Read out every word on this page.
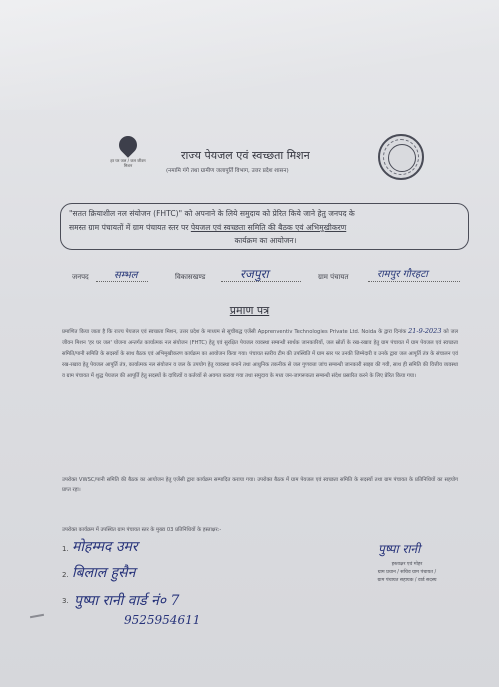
हर घर जल / जल जीवन मिशन
राज्य पेयजल एवं स्वच्छता मिशन
(नमामि गंगे तथा ग्रामीण जलापूर्ति विभाग, उत्तर प्रदेश शासन)
"सतत क्रियाशील नल संयोजन (FHTC)" को अपनाने के लिये समुदाय को प्रेरित किये जाने हेतु जनपद के
समस्त ग्राम पंचायतों में ग्राम पंचायत स्तर पर पेयजल एवं स्वच्छता समिति की बैठक एवं अभिमुखीकरण
कार्यक्रम का आयोजन।
जनपद	सम्भल	विकासखण्ड	रजपुरा	ग्राम पंचायत	रामपुर गौरहटा
प्रमाण पत्र
प्रमाणित किया जाता है कि राज्य पेयजल एवं स्वच्छता मिशन, उत्तर प्रदेश के माध्यम से सूचीबद्ध एजेंसी Apprenventiv Technologies Private Ltd. Noida के द्वारा दिनांक 21-9-2023 को जल जीवन मिशन 'हर घर जल' योजना अन्तर्गत कार्यात्मक नल संयोजन (FHTC) हेतु एवं सुरक्षित पेयजल व्यवस्था सम्बन्धी सार्थक जानकारियों, जल स्रोतों के रख-रखाव हेतु ग्राम पंचायत में ग्राम पेयजल एवं स्वच्छता समिति/पानी समिति के सदस्यों के साथ बैठक एवं अभिमुखीकरण कार्यक्रम का आयोजन किया गया। पंचायत स्तरीय टीम की उपस्थिति में ग्राम स्तर पर उनकी जिम्मेदारी व उनके द्वारा जल आपूर्ति तंत्र के संचालन एवं रख-रखाव हेतु पेयजल आपूर्ति तंत्र, कार्यात्मक नल संयोजन व जल के उपयोग हेतु व्यवस्था बनाने तथा आधुनिक तकनीक से जल गुणवत्ता जांच सम्बन्धी जानकारी साझा की गयी, साथ ही समिति की वित्तीय व्यवस्था व ग्राम पंचायत में शुद्ध पेयजल की आपूर्ति हेतु सदस्यों के दायित्वों व कर्तव्यों से अवगत कराया गया तथा समुदाय के मध्य जन-जागरूकता सम्बन्धी संदेश प्रसारित करने के लिए प्रेरित किया गया।
उपरोक्त VWSC/पानी समिति की बैठक का आयोजन हेतु एजेंसी द्वारा कार्यक्रम सम्पादित कराया गया। उपरोक्त बैठक में ग्राम पेयजल एवं स्वच्छता समिति के सदस्यों तथा ग्राम पंचायत के प्रतिनिधियों का सहयोग प्राप्त रहा।
उपरोक्त कार्यक्रम में उपस्थित ग्राम पंचायत स्तर के मुख्य 03 प्रतिनिधियों के हस्ताक्षर:-
1. मोहम्मद उमर
2. बिलाल हुसैन
3. पुष्पा रानी वार्ड नं० 7
9525954611
पुष्पा रानी
हस्ताक्षर एवं मोहर
ग्राम प्रधान / सचिव ग्राम पंचायत /
ग्राम पंचायत सहायक / वार्ड सदस्य
